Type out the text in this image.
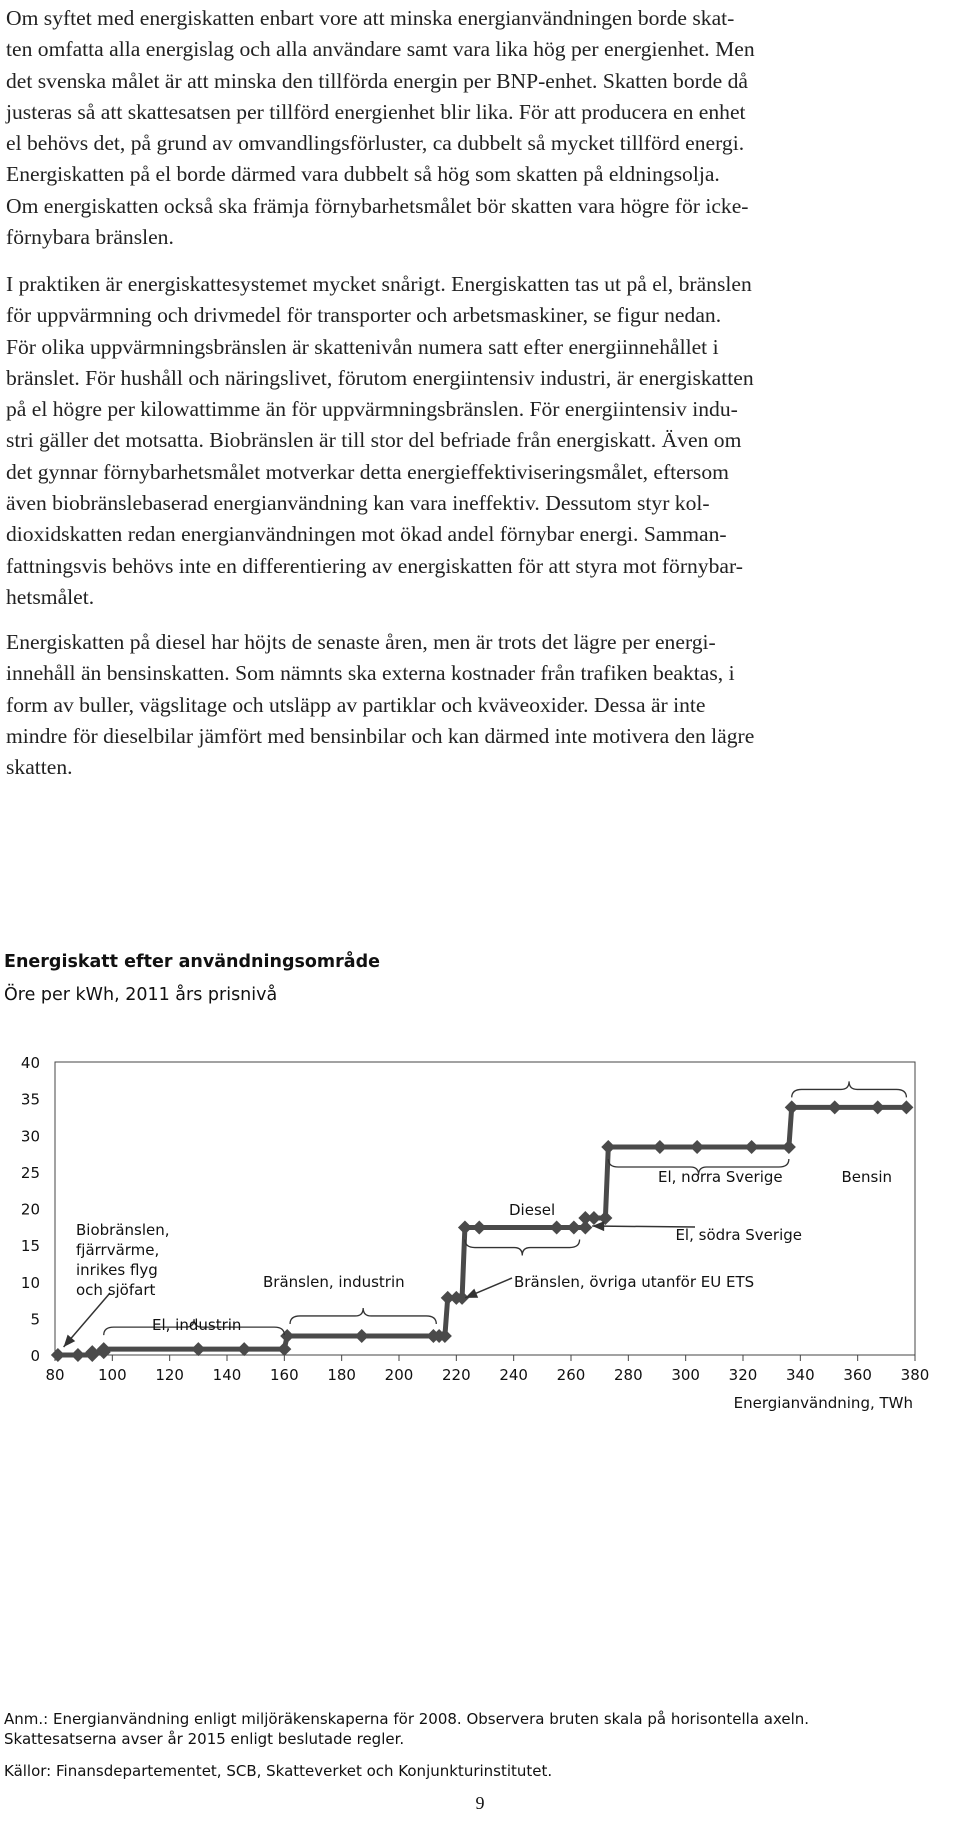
Om syftet med energiskatten enbart vore att minska energianvändningen borde skat-
ten omfatta alla energislag och alla användare samt vara lika hög per energienhet. Men
det svenska målet är att minska den tillförda energin per BNP-enhet. Skatten borde då
justeras så att skattesatsen per tillförd energienhet blir lika. För att producera en enhet
el behövs det, på grund av omvandlingsförluster, ca dubbelt så mycket tillförd energi.
Energiskatten på el borde därmed vara dubbelt så hög som skatten på eldningsolja.
Om energiskatten också ska främja förnybarhetsmålet bör skatten vara högre för icke-
förnybara bränslen.
I praktiken är energiskattesystemet mycket snårigt. Energiskatten tas ut på el, bränslen
för uppvärmning och drivmedel för transporter och arbetsmaskiner, se figur nedan.
För olika uppvärmningsbränslen är skattenivån numera satt efter energiinnehållet i
bränslet. För hushåll och näringslivet, förutom energiintensiv industri, är energiskatten
på el högre per kilowattimme än för uppvärmningsbränslen. För energiintensiv indu-
stri gäller det motsatta. Biobränslen är till stor del befriade från energiskatt. Även om
det gynnar förnybarhetsmålet motverkar detta energieffektiviseringsmålet, eftersom
även biobränslebaserad energianvändning kan vara ineffektiv. Dessutom styr kol-
dioxidskatten redan energianvändningen mot ökad andel förnybar energi. Samman-
fattningsvis behövs inte en differentiering av energiskatten för att styra mot förnybar-
hetsmålet.
Energiskatten på diesel har höjts de senaste åren, men är trots det lägre per energi-
innehåll än bensinskatten. Som nämnts ska externa kostnader från trafiken beaktas, i
form av buller, vägslitage och utsläpp av partiklar och kväveoxider. Dessa är inte
mindre för dieselbilar jämfört med bensinbilar och kan därmed inte motivera den lägre
skatten.
Energiskatt efter användningsområde
Öre per kWh, 2011 års prisnivå
0
5
10
15
20
25
30
35
40
80 100 120 140 160 180 200 220 240 260 280 300 320 340 360 380
Energianvändning, TWh
Bensin
El, södra Sverige
El, norra Sverige
Diesel
Bränslen, övriga utanför EU ETS
Bränslen, industrin
El, industrin
Biobränslen,
fjärrvärme,
inrikes flyg
och sjöfart
Anm.: Energianvändning enligt miljöräkenskaperna för 2008. Observera bruten skala på horisontella axeln.
Skattesatserna avser år 2015 enligt beslutade regler.
Källor: Finansdepartementet, SCB, Skatteverket och Konjunkturinstitutet.
9
